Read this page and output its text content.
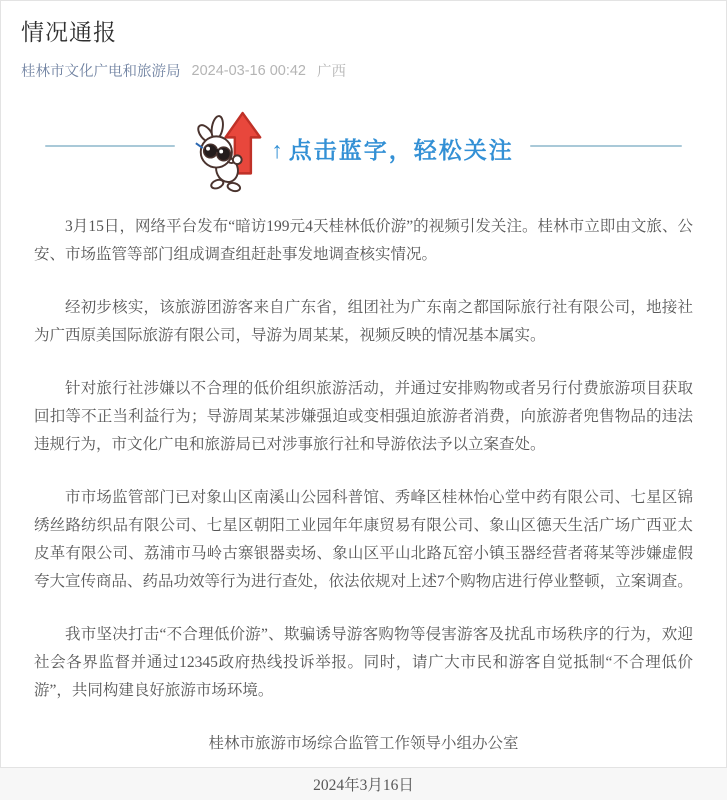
情况通报
桂林市文化广电和旅游局 2024-03-16 00:42 广西
↑ 点击蓝字，轻松关注

3月15日，网络平台发布“暗访199元4天桂林低价游”的视频引发关注。桂林市立即由文旅、公安、市场监管等部门组成调查组赶赴事发地调查核实情况。

经初步核实，该旅游团游客来自广东省，组团社为广东南之都国际旅行社有限公司，地接社为广西原美国际旅游有限公司，导游为周某某，视频反映的情况基本属实。

针对旅行社涉嫌以不合理的低价组织旅游活动，并通过安排购物或者另行付费旅游项目获取回扣等不正当利益行为；导游周某某涉嫌强迫或变相强迫旅游者消费，向旅游者兜售物品的违法违规行为，市文化广电和旅游局已对涉事旅行社和导游依法予以立案查处。

市市场监管部门已对象山区南溪山公园科普馆、秀峰区桂林怡心堂中药有限公司、七星区锦绣丝路纺织品有限公司、七星区朝阳工业园年年康贸易有限公司、象山区德天生活广场广西亚太皮革有限公司、荔浦市马岭古寨银器卖场、象山区平山北路瓦窑小镇玉器经营者蒋某等涉嫌虚假夸大宣传商品、药品功效等行为进行查处，依法依规对上述7个购物店进行停业整顿，立案调查。

我市坚决打击“不合理低价游”、欺骗诱导游客购物等侵害游客及扰乱市场秩序的行为，欢迎社会各界监督并通过12345政府热线投诉举报。同时，请广大市民和游客自觉抵制“不合理低价游”，共同构建良好旅游市场环境。

桂林市旅游市场综合监管工作领导小组办公室

2024年3月16日
